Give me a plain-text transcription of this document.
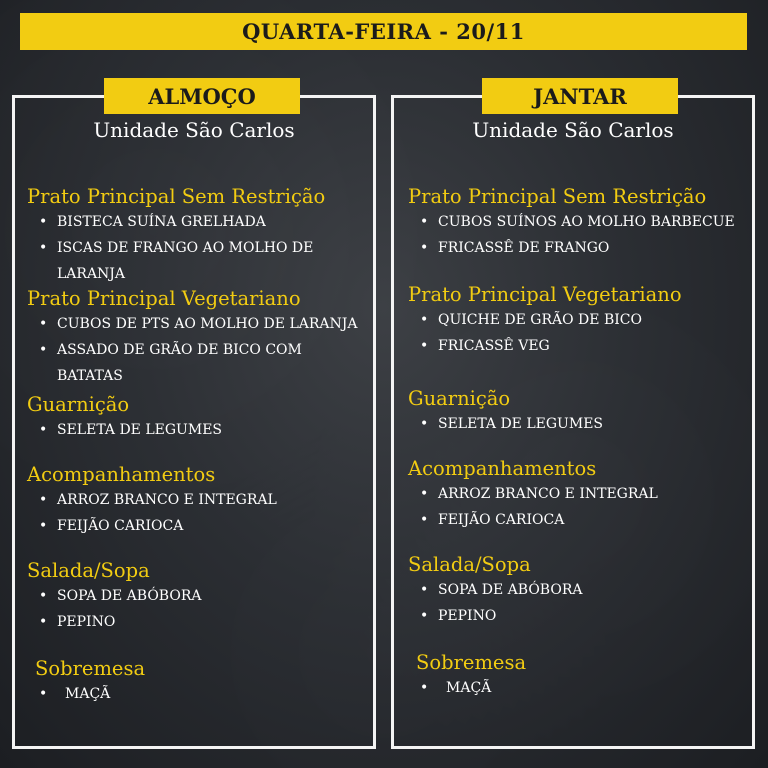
QUARTA-FEIRA - 20/11
ALMOÇO	JANTAR
Unidade São Carlos	Unidade São Carlos
Prato Principal Sem Restrição
• BISTECA SUÍNA GRELHADA
• ISCAS DE FRANGO AO MOLHO DE LARANJA
Prato Principal Vegetariano
• CUBOS DE PTS AO MOLHO DE LARANJA
• ASSADO DE GRÃO DE BICO COM BATATAS
Guarnição
• SELETA DE LEGUMES
Acompanhamentos
• ARROZ BRANCO E INTEGRAL
• FEIJÃO CARIOCA
Salada/Sopa
• SOPA DE ABÓBORA
• PEPINO
Sobremesa
• MAÇÃ
Prato Principal Sem Restrição
• CUBOS SUÍNOS AO MOLHO BARBECUE
• FRICASSÊ DE FRANGO
Prato Principal Vegetariano
• QUICHE DE GRÃO DE BICO
• FRICASSÊ VEG
Guarnição
• SELETA DE LEGUMES
Acompanhamentos
• ARROZ BRANCO E INTEGRAL
• FEIJÃO CARIOCA
Salada/Sopa
• SOPA DE ABÓBORA
• PEPINO
Sobremesa
• MAÇÃ
